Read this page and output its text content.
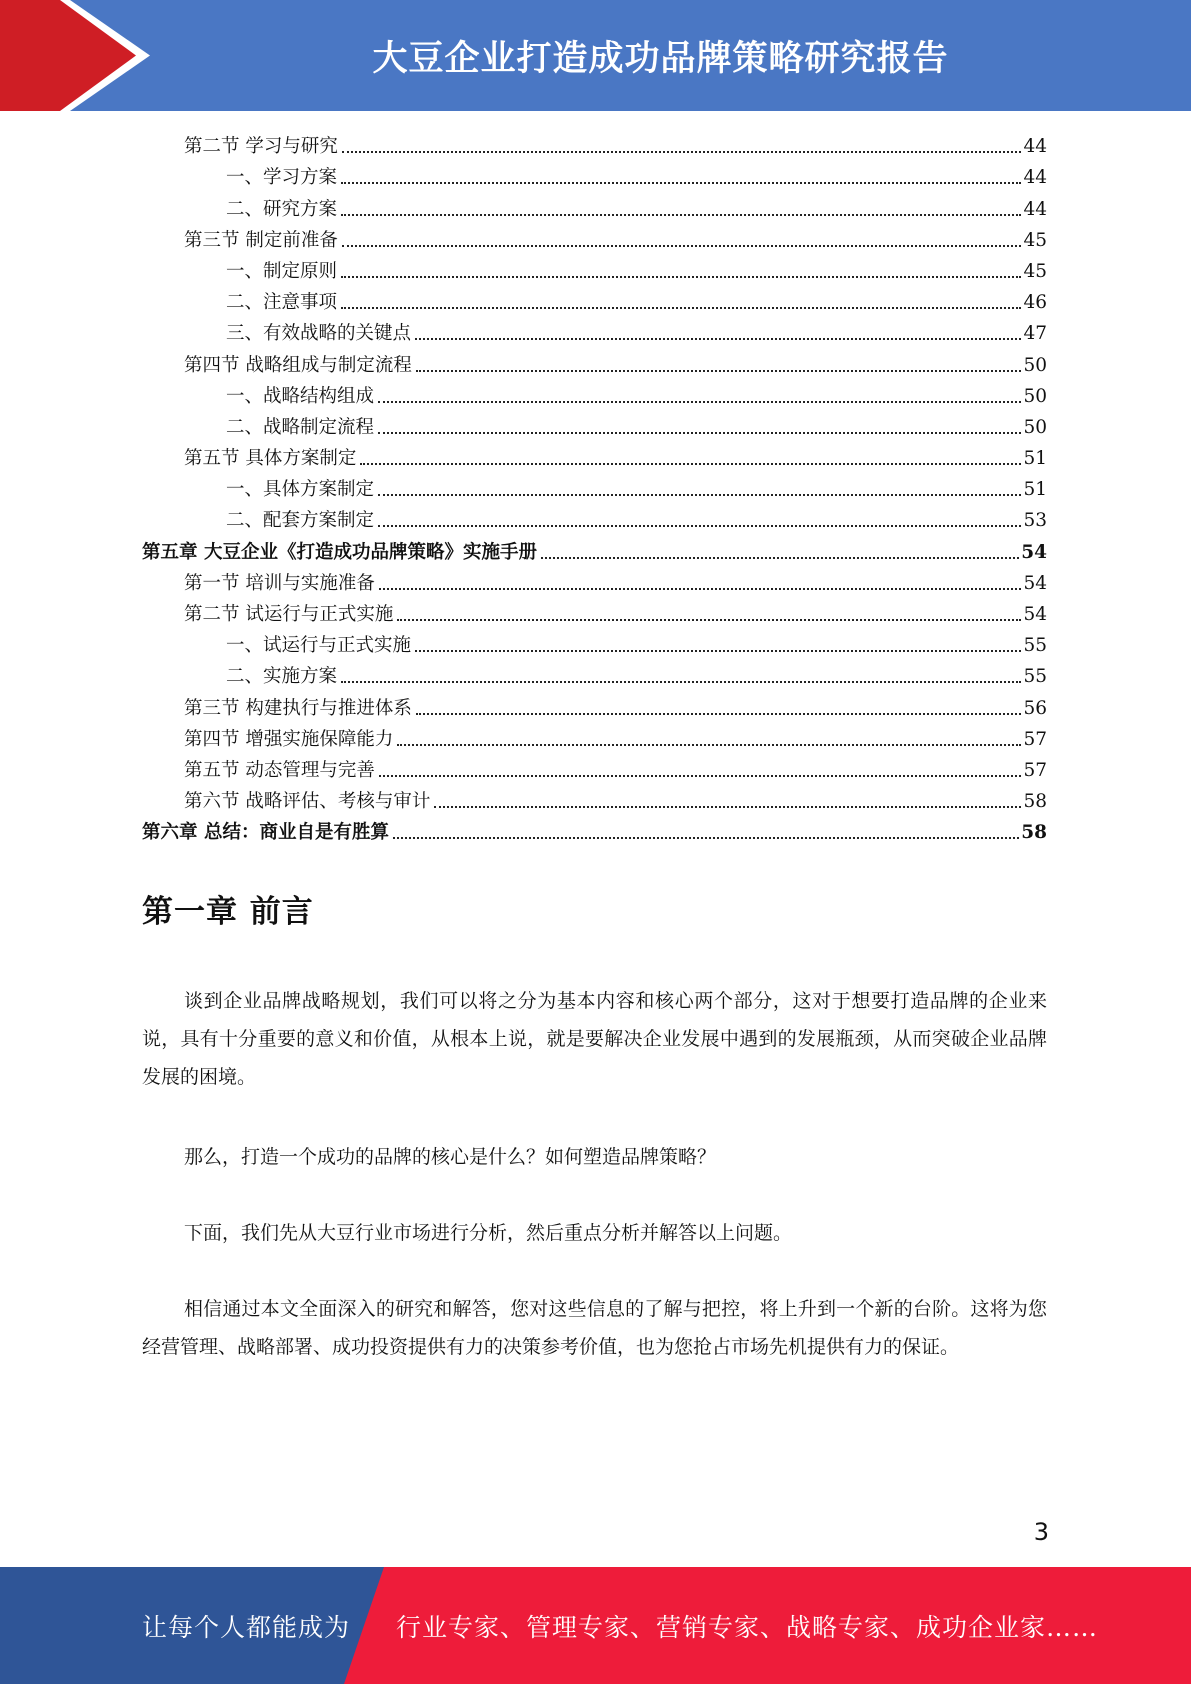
大豆企业打造成功品牌策略研究报告
第二节 学习与研究	44
一、学习方案	44
二、研究方案	44
第三节 制定前准备	45
一、制定原则	45
二、注意事项	46
三、有效战略的关键点	47
第四节 战略组成与制定流程	50
一、战略结构组成	50
二、战略制定流程	50
第五节 具体方案制定	51
一、具体方案制定	51
二、配套方案制定	53
第五章 大豆企业《打造成功品牌策略》实施手册	54
第一节 培训与实施准备	54
第二节 试运行与正式实施	54
一、试运行与正式实施	55
二、实施方案	55
第三节 构建执行与推进体系	56
第四节 增强实施保障能力	57
第五节 动态管理与完善	57
第六节 战略评估、考核与审计	58
第六章 总结：商业自是有胜算	58
第一章 前言

谈到企业品牌战略规划，我们可以将之分为基本内容和核心两个部分，这对于想要打造品牌的企业来说，具有十分重要的意义和价值，从根本上说，就是要解决企业发展中遇到的发展瓶颈，从而突破企业品牌发展的困境。

那么，打造一个成功的品牌的核心是什么？如何塑造品牌策略？

下面，我们先从大豆行业市场进行分析，然后重点分析并解答以上问题。

相信通过本文全面深入的研究和解答，您对这些信息的了解与把控，将上升到一个新的台阶。这将为您经营管理、战略部署、成功投资提供有力的决策参考价值，也为您抢占市场先机提供有力的保证。

3
让每个人都能成为 行业专家、管理专家、营销专家、战略专家、成功企业家……
